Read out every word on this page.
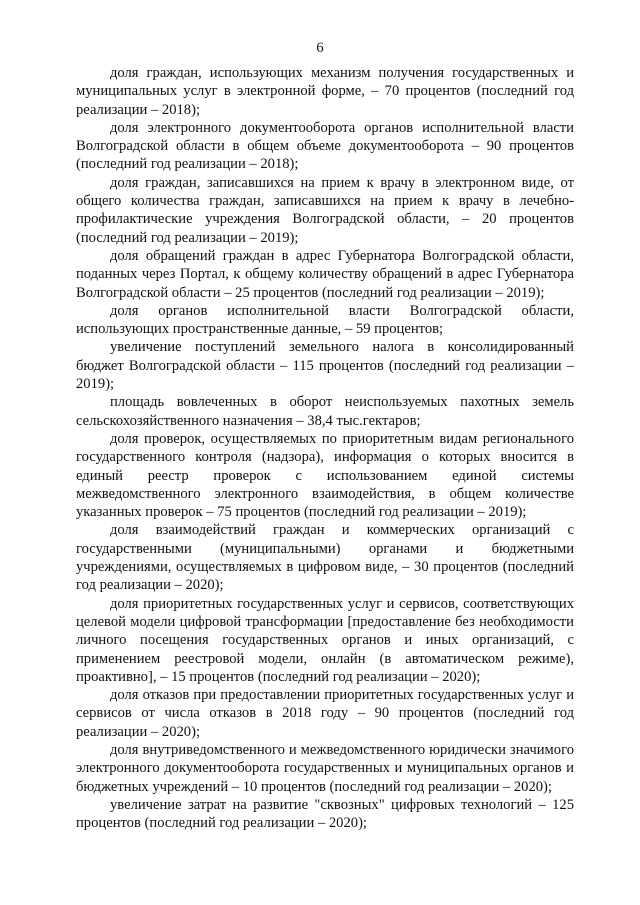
6

доля граждан, использующих механизм получения государственных и муниципальных услуг в электронной форме, – 70 процентов (последний год реализации – 2018);

доля электронного документооборота органов исполнительной власти Волгоградской области в общем объеме документооборота – 90 процентов (последний год реализации – 2018);

доля граждан, записавшихся на прием к врачу в электронном виде, от общего количества граждан, записавшихся на прием к врачу в лечебно-профилактические учреждения Волгоградской области, – 20 процентов (последний год реализации – 2019);

доля обращений граждан в адрес Губернатора Волгоградской области, поданных через Портал, к общему количеству обращений в адрес Губернатора Волгоградской области – 25 процентов (последний год реализации – 2019);

доля органов исполнительной власти Волгоградской области, использующих пространственные данные, – 59 процентов;

увеличение поступлений земельного налога в консолидированный бюджет Волгоградской области – 115 процентов (последний год реализации – 2019);

площадь вовлеченных в оборот неиспользуемых пахотных земель сельскохозяйственного назначения – 38,4 тыс.гектаров;

доля проверок, осуществляемых по приоритетным видам регионального государственного контроля (надзора), информация о которых вносится в единый реестр проверок с использованием единой системы межведомственного электронного взаимодействия, в общем количестве указанных проверок – 75 процентов (последний год реализации – 2019);

доля взаимодействий граждан и коммерческих организаций с государственными (муниципальными) органами и бюджетными учреждениями, осуществляемых в цифровом виде, – 30 процентов (последний год реализации – 2020);

доля приоритетных государственных услуг и сервисов, соответствующих целевой модели цифровой трансформации [предоставление без необходимости личного посещения государственных органов и иных организаций, с применением реестровой модели, онлайн (в автоматическом режиме), проактивно], – 15 процентов (последний год реализации – 2020);

доля отказов при предоставлении приоритетных государственных услуг и сервисов от числа отказов в 2018 году – 90 процентов (последний год реализации – 2020);

доля внутриведомственного и межведомственного юридически значимого электронного документооборота государственных и муниципальных органов и бюджетных учреждений – 10 процентов (последний год реализации – 2020);

увеличение затрат на развитие "сквозных" цифровых технологий – 125 процентов (последний год реализации – 2020);
